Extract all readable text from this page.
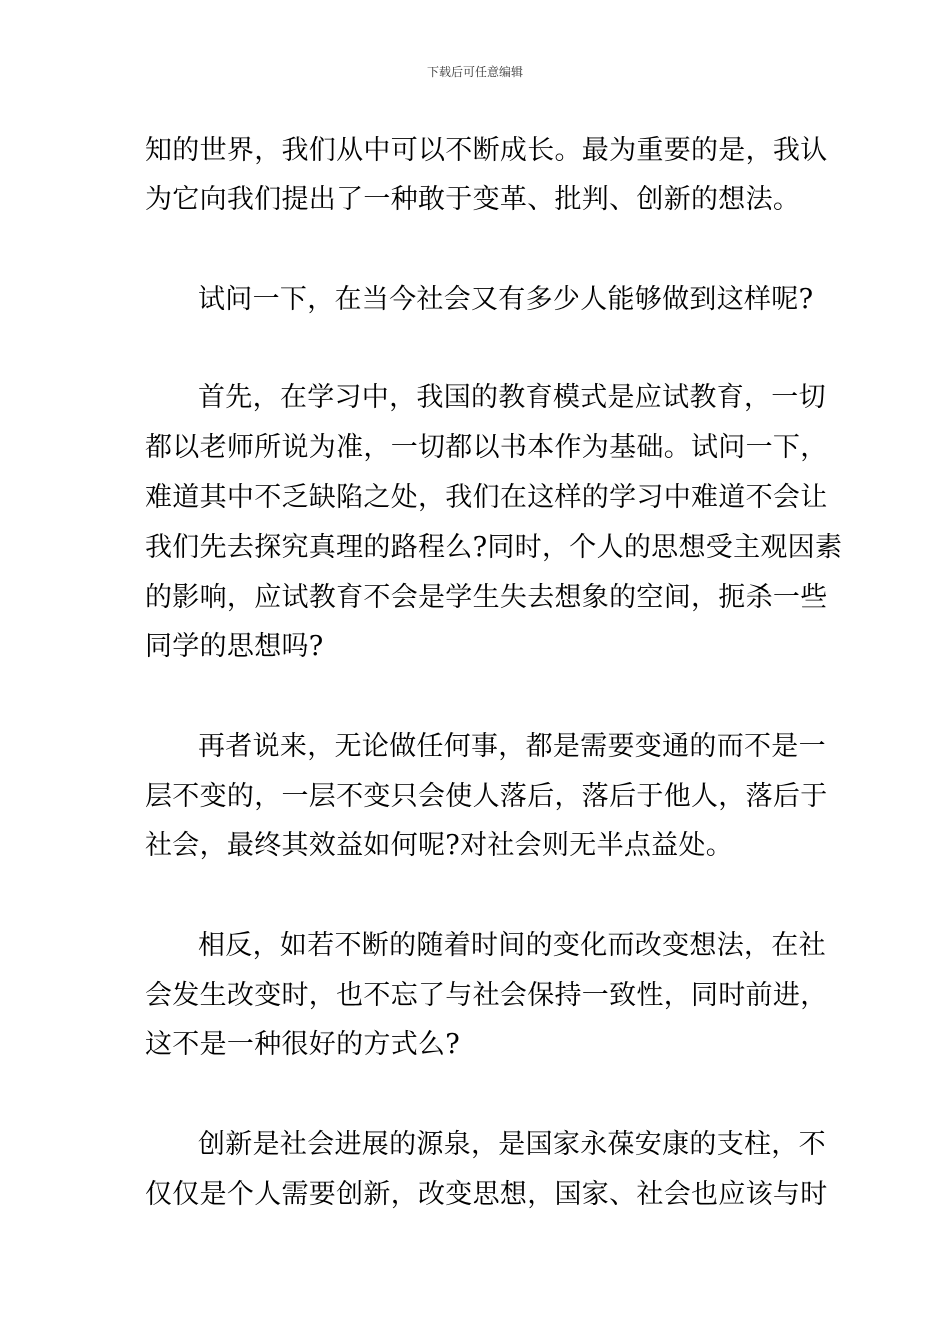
下载后可任意编辑
知的世界，我们从中可以不断成长。最为重要的是，我认
为它向我们提出了一种敢于变革、批判、创新的想法。
试问一下，在当今社会又有多少人能够做到这样呢?
首先，在学习中，我国的教育模式是应试教育，一切
都以老师所说为准，一切都以书本作为基础。试问一下，
难道其中不乏缺陷之处，我们在这样的学习中难道不会让
我们先去探究真理的路程么?同时，个人的思想受主观因素
的影响，应试教育不会是学生失去想象的空间，扼杀一些
同学的思想吗?
再者说来，无论做任何事，都是需要变通的而不是一
层不变的，一层不变只会使人落后，落后于他人，落后于
社会，最终其效益如何呢?对社会则无半点益处。
相反，如若不断的随着时间的变化而改变想法，在社
会发生改变时，也不忘了与社会保持一致性，同时前进，
这不是一种很好的方式么?
创新是社会进展的源泉，是国家永葆安康的支柱，不
仅仅是个人需要创新，改变思想，国家、社会也应该与时
